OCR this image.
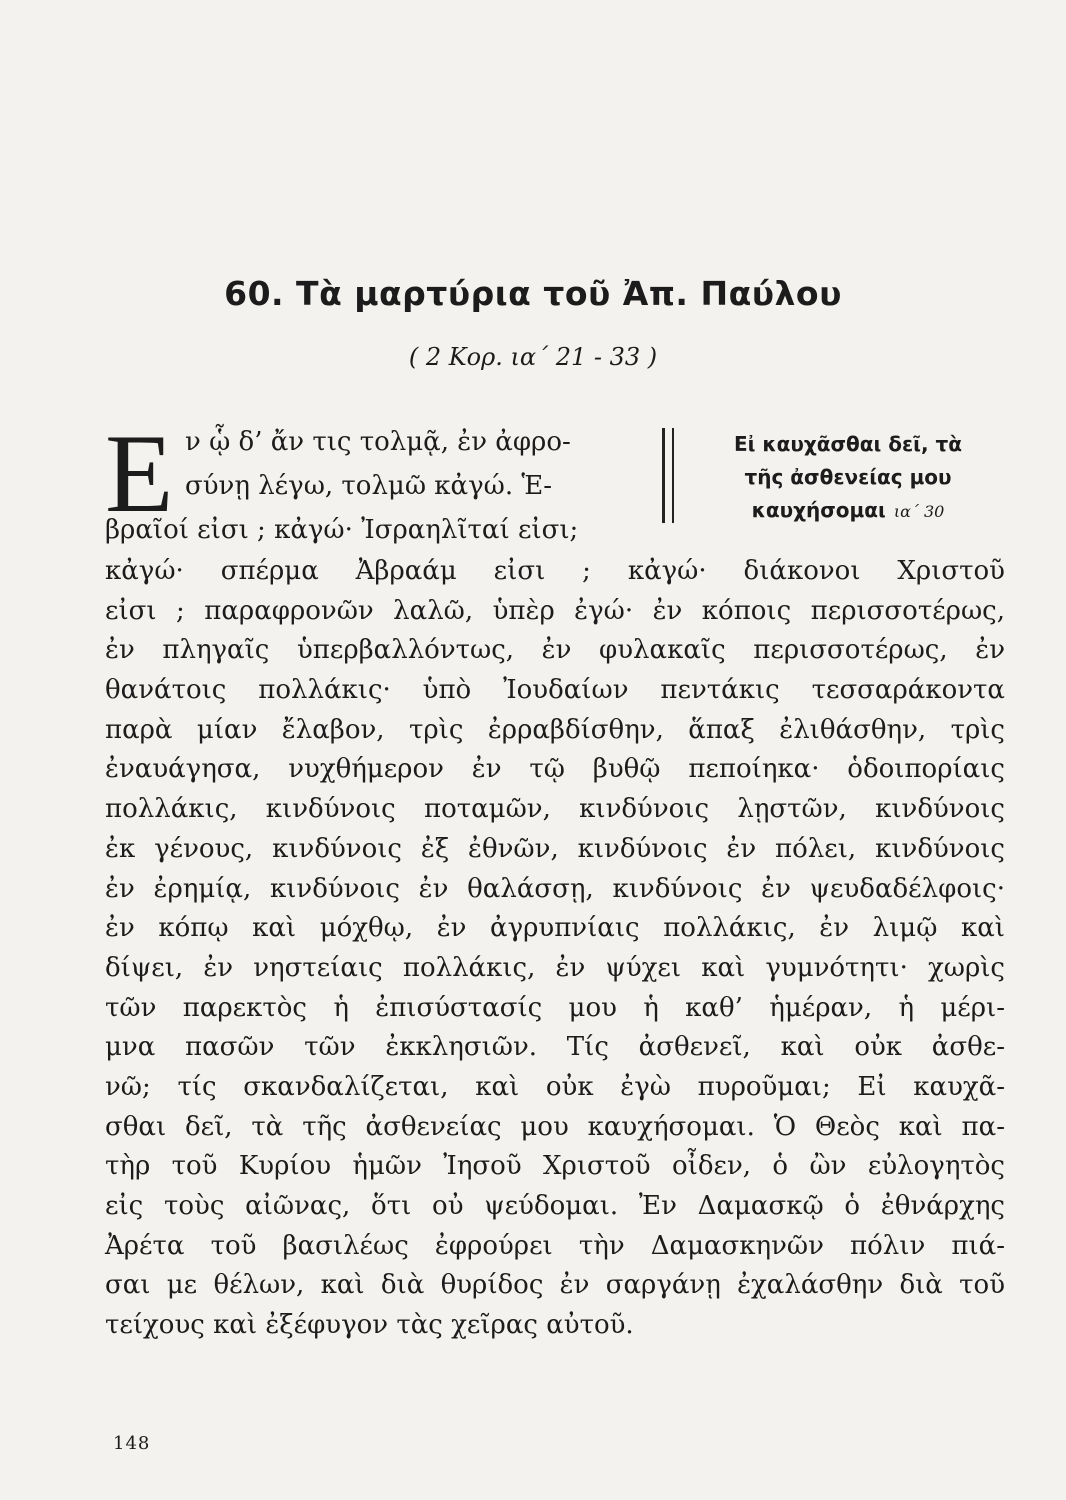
60. Τὰ μαρτύρια τοῦ Ἀπ. Παύλου
( 2 Κορ. ια΄ 21 - 33 )
Ε ν ᾧ δ’ ἄν τις τολμᾷ, ἐν ἀφρο-
σύνῃ λέγω, τολμῶ κἀγώ. Ἑ-
βραῖοί εἰσι ; κἀγώ· Ἰσραηλῖταί εἰσι;
Εἰ καυχᾶσθαι δεῖ, τὰ
τῆς ἀσθενείας μου
καυχήσομαι ια΄ 30
κἀγώ· σπέρμα Ἀβραάμ εἰσι ; κἀγώ· διάκονοι Χριστοῦ
εἰσι ; παραφρονῶν λαλῶ, ὑπὲρ ἐγώ· ἐν κόποις περισσοτέρως,
ἐν πληγαῖς ὑπερβαλλόντως, ἐν φυλακαῖς περισσοτέρως, ἐν
θανάτοις πολλάκις· ὑπὸ Ἰουδαίων πεντάκις τεσσαράκοντα
παρὰ μίαν ἔλαβον, τρὶς ἐρραβδίσθην, ἅπαξ ἐλιθάσθην, τρὶς
ἐναυάγησα, νυχθήμερον ἐν τῷ βυθῷ πεποίηκα· ὁδοιπορίαις
πολλάκις, κινδύνοις ποταμῶν, κινδύνοις λῃστῶν, κινδύνοις
ἐκ γένους, κινδύνοις ἐξ ἐθνῶν, κινδύνοις ἐν πόλει, κινδύνοις
ἐν ἐρημίᾳ, κινδύνοις ἐν θαλάσσῃ, κινδύνοις ἐν ψευδαδέλφοις·
ἐν κόπῳ καὶ μόχθῳ, ἐν ἀγρυπνίαις πολλάκις, ἐν λιμῷ καὶ
δίψει, ἐν νηστείαις πολλάκις, ἐν ψύχει καὶ γυμνότητι· χωρὶς
τῶν παρεκτὸς ἡ ἐπισύστασίς μου ἡ καθ’ ἡμέραν, ἡ μέρι-
μνα πασῶν τῶν ἐκκλησιῶν. Τίς ἀσθενεῖ, καὶ οὐκ ἀσθε-
νῶ; τίς σκανδαλίζεται, καὶ οὐκ ἐγὼ πυροῦμαι; Εἰ καυχᾶ-
σθαι δεῖ, τὰ τῆς ἀσθενείας μου καυχήσομαι. Ὁ Θεὸς καὶ πα-
τὴρ τοῦ Κυρίου ἡμῶν Ἰησοῦ Χριστοῦ οἶδεν, ὁ ὢν εὐλογητὸς
εἰς τοὺς αἰῶνας, ὅτι οὐ ψεύδομαι. Ἐν Δαμασκῷ ὁ ἐθνάρχης
Ἀρέτα τοῦ βασιλέως ἐφρούρει τὴν Δαμασκηνῶν πόλιν πιά-
σαι με θέλων, καὶ διὰ θυρίδος ἐν σαργάνῃ ἐχαλάσθην διὰ τοῦ
τείχους καὶ ἐξέφυγον τὰς χεῖρας αὐτοῦ.
148
